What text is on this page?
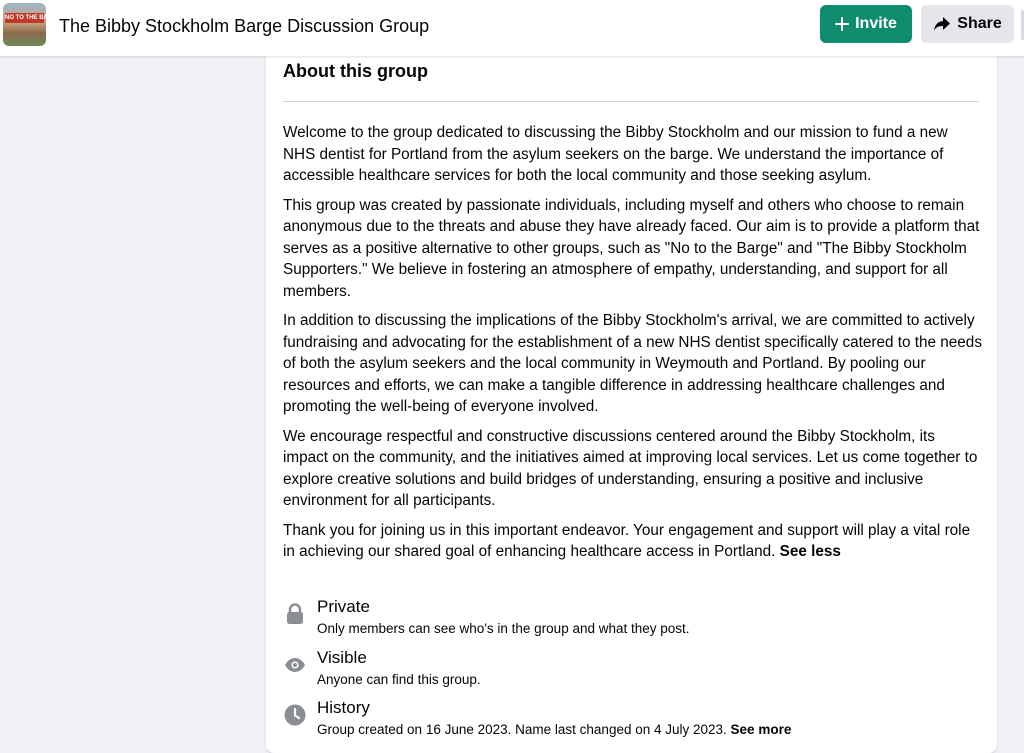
NO TO THE BAR The Bibby Stockholm Barge Discussion Group	Invite	Share
About this group

Welcome to the group dedicated to discussing the Bibby Stockholm and our mission to fund a new NHS dentist for Portland from the asylum seekers on the barge. We understand the importance of accessible healthcare services for both the local community and those seeking asylum.

This group was created by passionate individuals, including myself and others who choose to remain anonymous due to the threats and abuse they have already faced. Our aim is to provide a platform that serves as a positive alternative to other groups, such as "No to the Barge" and "The Bibby Stockholm Supporters." We believe in fostering an atmosphere of empathy, understanding, and support for all members.

In addition to discussing the implications of the Bibby Stockholm's arrival, we are committed to actively fundraising and advocating for the establishment of a new NHS dentist specifically catered to the needs of both the asylum seekers and the local community in Weymouth and Portland. By pooling our resources and efforts, we can make a tangible difference in addressing healthcare challenges and promoting the well-being of everyone involved.

We encourage respectful and constructive discussions centered around the Bibby Stockholm, its impact on the community, and the initiatives aimed at improving local services. Let us come together to explore creative solutions and build bridges of understanding, ensuring a positive and inclusive environment for all participants.

Thank you for joining us in this important endeavor. Your engagement and support will play a vital role in achieving our shared goal of enhancing healthcare access in Portland. See less

Private
Only members can see who's in the group and what they post.
Visible
Anyone can find this group.
History
Group created on 16 June 2023. Name last changed on 4 July 2023. See more
